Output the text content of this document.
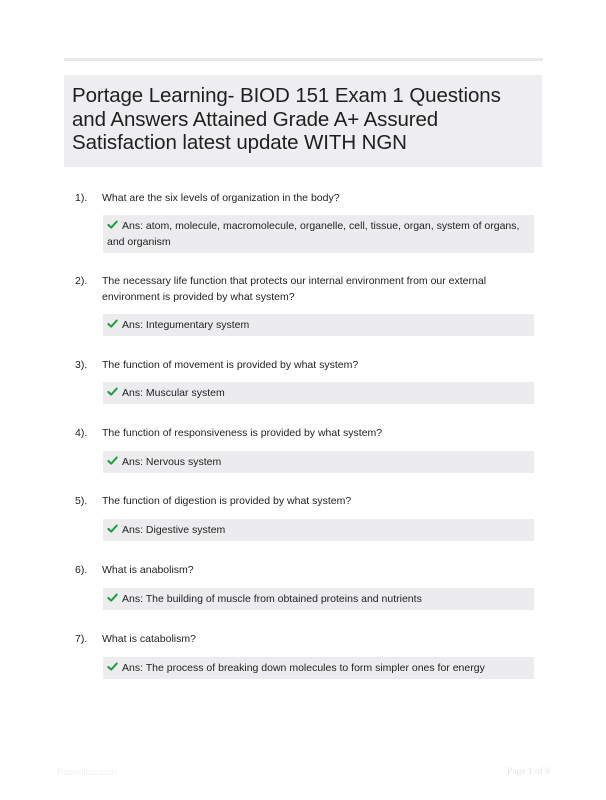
Portage Learning- BIOD 151 Exam 1 Questions and Answers Attained Grade A+ Assured Satisfaction latest update WITH NGN
1). What are the six levels of organization in the body?
Ans: atom, molecule, macromolecule, organelle, cell, tissue, organ, system of organs, and organism
2). The necessary life function that protects our internal environment from our external environment is provided by what system?
Ans: Integumentary system
3). The function of movement is provided by what system?
Ans: Muscular system
4). The function of responsiveness is provided by what system?
Ans: Nervous system
5). The function of digestion is provided by what system?
Ans: Digestive system
6). What is anabolism?
Ans: The building of muscle from obtained proteins and nutrients
7). What is catabolism?
Ans: The process of breaking down molecules to form simpler ones for energy
Papertibic.com	Page 1 of 9
